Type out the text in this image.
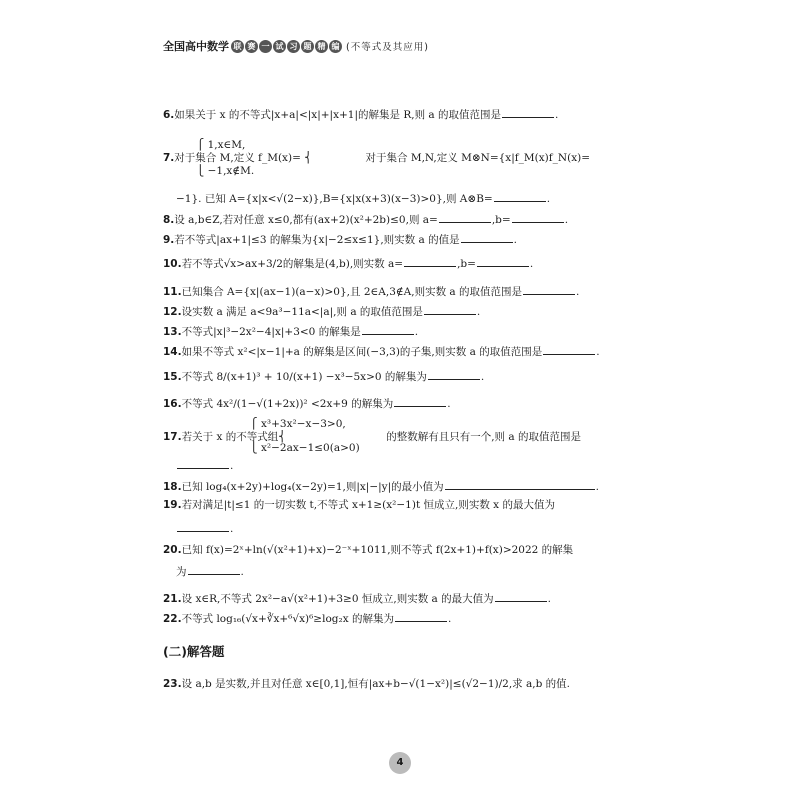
全国高中数学 联 赛 一 试 习 题 精 编 (不等式及其应用)
6.如果关于 x 的不等式|x+a|<|x|+|x+1|的解集是 R,则 a 的取值范围是	.
⎧ 1,x∈M,
7.对于集合 M,定义 f_M(x)= ⎨                对于集合 M,N,定义 M⊗N={x|f_M(x)f_N(x)=
⎩ −1,x∉M.
−1}. 已知 A={x|x<√(2−x)},B={x|x(x+3)(x−3)>0},则 A⊗B=	.
8.设 a,b∈Z,若对任意 x≤0,都有(ax+2)(x²+2b)≤0,则 a=	,b=	.
9.若不等式|ax+1|≤3 的解集为{x|−2≤x≤1},则实数 a 的值是	.
10.若不等式√x>ax+3/2的解集是(4,b),则实数 a=	,b=	.
11.已知集合 A={x|(ax−1)(a−x)>0},且 2∈A,3∉A,则实数 a 的取值范围是	.
12.设实数 a 满足 a<9a³−11a<|a|,则 a 的取值范围是	.
13.不等式|x|³−2x²−4|x|+3<0 的解集是	.
14.如果不等式 x²<|x−1|+a 的解集是区间(−3,3)的子集,则实数 a 的取值范围是	.
15.不等式 8/(x+1)³ + 10/(x+1) −x³−5x>0 的解集为	.
16.不等式 4x²/(1−√(1+2x))² <2x+9 的解集为	.
⎧ x³+3x²−x−3>0,
17.若关于 x 的不等式组⎨                              的整数解有且只有一个,则 a 的取值范围是
⎩ x²−2ax−1≤0(a>0)
.
18.已知 log₄(x+2y)+log₄(x−2y)=1,则|x|−|y|的最小值为	.
19.若对满足|t|≤1 的一切实数 t,不等式 x+1≥(x²−1)t 恒成立,则实数 x 的最大值为
.
20.已知 f(x)=2ˣ+ln(√(x²+1)+x)−2⁻ˣ+1011,则不等式 f(2x+1)+f(x)>2022 的解集
为	.
21.设 x∈R,不等式 2x²−a√(x²+1)+3≥0 恒成立,则实数 a 的最大值为	.
22.不等式 log₁₆(√x+∛x+⁶√x)⁶≥log₂x 的解集为	.
23.设 a,b 是实数,并且对任意 x∈[0,1],恒有|ax+b−√(1−x²)|≤(√2−1)/2,求 a,b 的值.
(二)解答题
4
